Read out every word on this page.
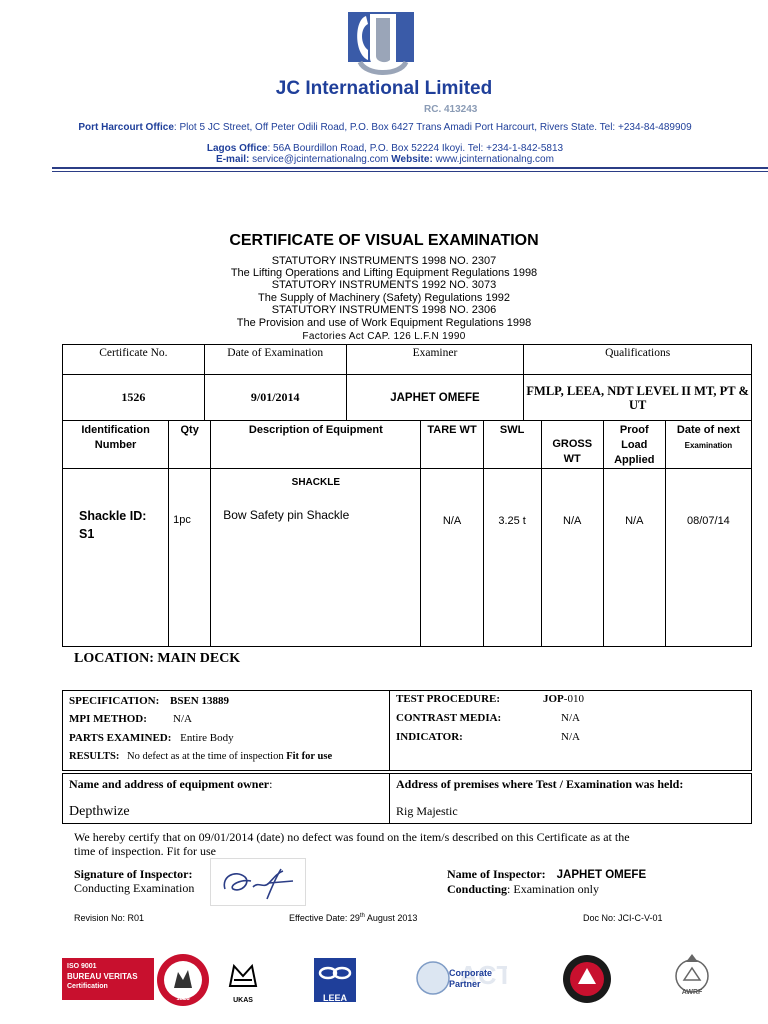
JC International Limited
RC. 413243
Port Harcourt Office: Plot 5 JC Street, Off Peter Odili Road, P.O. Box 6427 Trans Amadi Port Harcourt, Rivers State. Tel: +234-84-489909
Lagos Office: 56A Bourdillon Road, P.O. Box 52224 Ikoyi. Tel: +234-1-842-5813
E-mail: service@jcinternationalng.com Website: www.jcinternationalng.com
CERTIFICATE OF VISUAL EXAMINATION
STATUTORY INSTRUMENTS 1998 NO. 2307
The Lifting Operations and Lifting Equipment Regulations 1998
STATUTORY INSTRUMENTS 1992 NO. 3073
The Supply of Machinery (Safety) Regulations 1992
STATUTORY INSTRUMENTS 1998 NO. 2306
The Provision and use of Work Equipment Regulations 1998
Factories Act CAP. 126 L.F.N 1990
Certificate No.	Date of Examination	Examiner	Qualifications
1526	9/01/2014	JAPHET OMEFE	FMLP, LEEA, NDT LEVEL II MT, PT & UT
Identification Number	Qty	Description of Equipment	TARE WT	SWL	GROSS WT	Proof Load Applied	Date of next
Examination

Shackle ID: S1	1pc	SHACKLE
Bow Safety pin Shackle	N/A	3.25 t	N/A	N/A	08/07/14
LOCATION: MAIN DECK
SPECIFICATION: BSEN 13889
MPI METHOD: N/A
PARTS EXAMINED: Entire Body
RESULTS: No defect as at the time of inspection Fit for use
TEST PROCEDURE:	JOP-010
CONTRAST MEDIA:	N/A
INDICATOR:	N/A
Name and address of equipment owner:
Depthwize
Address of premises where Test / Examination was held:
Rig Majestic
We hereby certify that on 09/01/2014 (date) no defect was found on the item/s described on this Certificate as at the
time of inspection. Fit for use
Signature of Inspector:
Conducting Examination
Name of Inspector: JAPHET OMEFE
Conducting: Examination only
Revision No: R01	Effective Date: 29th August 2013	Doc No: JCI-C-V-01
ISO 9001
BUREAU VERITAS
Certification
1828	UKAS	LEEA
ACT
Corporate
Partner
AWRF
